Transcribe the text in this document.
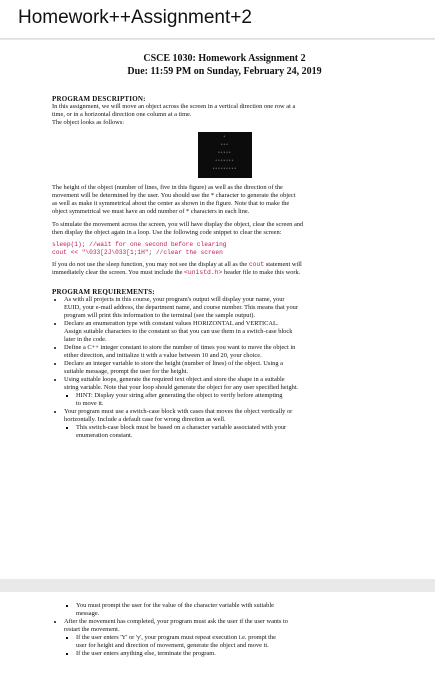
Homework++Assignment+2
CSCE 1030: Homework Assignment 2
Due: 11:59 PM on Sunday, February 24, 2019
PROGRAM DESCRIPTION:

In this assignment, we will move an object across the screen in a vertical direction one row at a

time, or in a horizontal direction one column at a time.

The object looks as follows:

*
***
*****
*******
*********

The height of the object (number of lines, five in this figure) as well as the direction of the

movement will be determined by the user. You should use the * character to generate the object

as well as make it symmetrical about the center as shown in the figure. Note that to make the

object symmetrical we must have an odd number of * characters in each line.

To simulate the movement across the screen, you will have display the object, clear the screen and

then display the object again in a loop. Use the following code snippet to clear the screen:

sleep(1); //wait for one second before clearing
cout << "\033[2J\033[1;1H"; //clear the screen

If you do not use the sleep function, you may not see the display at all as the cout statement will

immediately clear the screen. You must include the <unistd.h> header file to make this work.

PROGRAM REQUIREMENTS:
• As with all projects in this course, your program's output will display your name, your
EUID, your e-mail address, the department name, and course number. This means that your
program will print this information to the terminal (see the sample output).
• Declare an enumeration type with constant values HORIZONTAL and VERTICAL.
Assign suitable characters to the constant so that you can use them in a switch-case block
later in the code.
• Define a C++ integer constant to store the number of times you want to move the object in
either direction, and initialize it with a value between 10 and 20, your choice.
• Declare an integer variable to store the height (number of lines) of the object. Using a
suitable message, prompt the user for the height.
• Using suitable loops, generate the required text object and store the shape in a suitable
string variable. Note that your loop should generate the object for any user specified height.
▪ HINT: Display your string after generating the object to verify before attempting
to move it.
• Your program must use a switch-case block with cases that moves the object vertically or
horizontally. Include a default case for wrong direction as well.
▪ This switch-case block must be based on a character variable associated with your
enumeration constant.
▪ You must prompt the user for the value of the character variable with suitable
message.
• After the movement has completed, your program must ask the user if the user wants to
restart the movement.
▪ If the user enters 'Y' or 'y', your program must repeat execution i.e. prompt the
user for height and direction of movement, generate the object and move it.
▪ If the user enters anything else, terminate the program.
